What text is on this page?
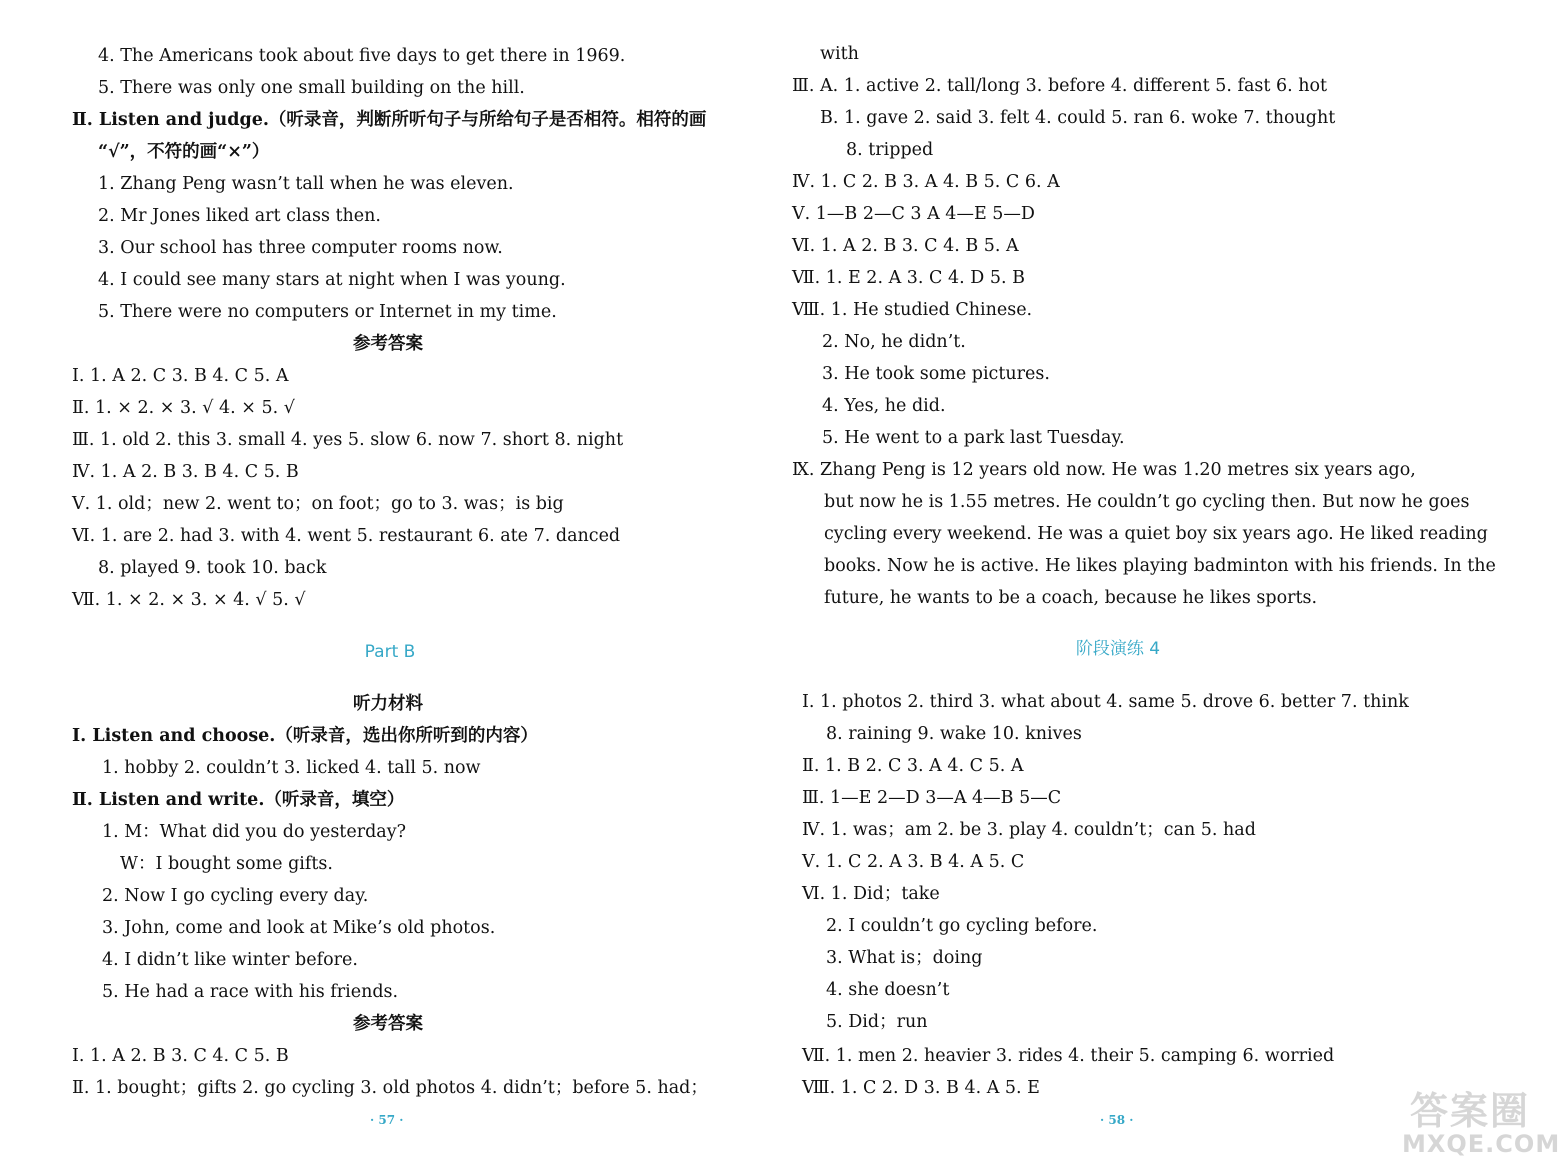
4. The Americans took about five days to get there in 1969.
5. There was only one small building on the hill.
Ⅱ. Listen and judge.（听录音，判断所听句子与所给句子是否相符。相符的画
“√”，不符的画“×”）
1. Zhang Peng wasn’t tall when he was eleven.
2. Mr Jones liked art class then.
3. Our school has three computer rooms now.
4. I could see many stars at night when I was young.
5. There were no computers or Internet in my time.
参考答案
Ⅰ. 1. A 2. C 3. B 4. C 5. A
Ⅱ. 1. × 2. × 3. √ 4. × 5. √
Ⅲ. 1. old 2. this 3. small 4. yes 5. slow 6. now 7. short 8. night
Ⅳ. 1. A 2. B 3. B 4. C 5. B
Ⅴ. 1. old；new 2. went to；on foot；go to 3. was；is big
Ⅵ. 1. are 2. had 3. with 4. went 5. restaurant 6. ate 7. danced
8. played 9. took 10. back
Ⅶ. 1. × 2. × 3. × 4. √ 5. √
听力材料
Ⅰ. Listen and choose.（听录音，选出你所听到的内容）
1. hobby 2. couldn’t 3. licked 4. tall 5. now
Ⅱ. Listen and write.（听录音，填空）
1. M：What did you do yesterday?
W：I bought some gifts.
2. Now I go cycling every day.
3. John, come and look at Mike’s old photos.
4. I didn’t like winter before.
5. He had a race with his friends.
参考答案
Ⅰ. 1. A 2. B 3. C 4. C 5. B
Ⅱ. 1. bought；gifts 2. go cycling 3. old photos 4. didn’t；before 5. had；
Part B
· 57 ·
with
Ⅲ. A. 1. active 2. tall/long 3. before 4. different 5. fast 6. hot
B. 1. gave 2. said 3. felt 4. could 5. ran 6. woke 7. thought
8. tripped
Ⅳ. 1. C 2. B 3. A 4. B 5. C 6. A
Ⅴ. 1—B 2—C 3 A 4—E 5—D
Ⅵ. 1. A 2. B 3. C 4. B 5. A
Ⅶ. 1. E 2. A 3. C 4. D 5. B
Ⅷ. 1. He studied Chinese.
2. No, he didn’t.
3. He took some pictures.
4. Yes, he did.
5. He went to a park last Tuesday.
Ⅸ. Zhang Peng is 12 years old now. He was 1.20 metres six years ago,
but now he is 1.55 metres. He couldn’t go cycling then. But now he goes
cycling every weekend. He was a quiet boy six years ago. He liked reading
books. Now he is active. He likes playing badminton with his friends. In the
future, he wants to be a coach, because he likes sports.
Ⅰ. 1. photos 2. third 3. what about 4. same 5. drove 6. better 7. think
8. raining 9. wake 10. knives
Ⅱ. 1. B 2. C 3. A 4. C 5. A
Ⅲ. 1—E 2—D 3—A 4—B 5—C
Ⅳ. 1. was；am 2. be 3. play 4. couldn’t；can 5. had
Ⅴ. 1. C 2. A 3. B 4. A 5. C
Ⅵ. 1. Did；take
2. I couldn’t go cycling before.
3. What is；doing
4. she doesn’t
5. Did；run
Ⅶ. 1. men 2. heavier 3. rides 4. their 5. camping 6. worried
Ⅷ. 1. C 2. D 3. B 4. A 5. E
阶段演练 4
· 58 ·	答案圈
MXQE.COM
